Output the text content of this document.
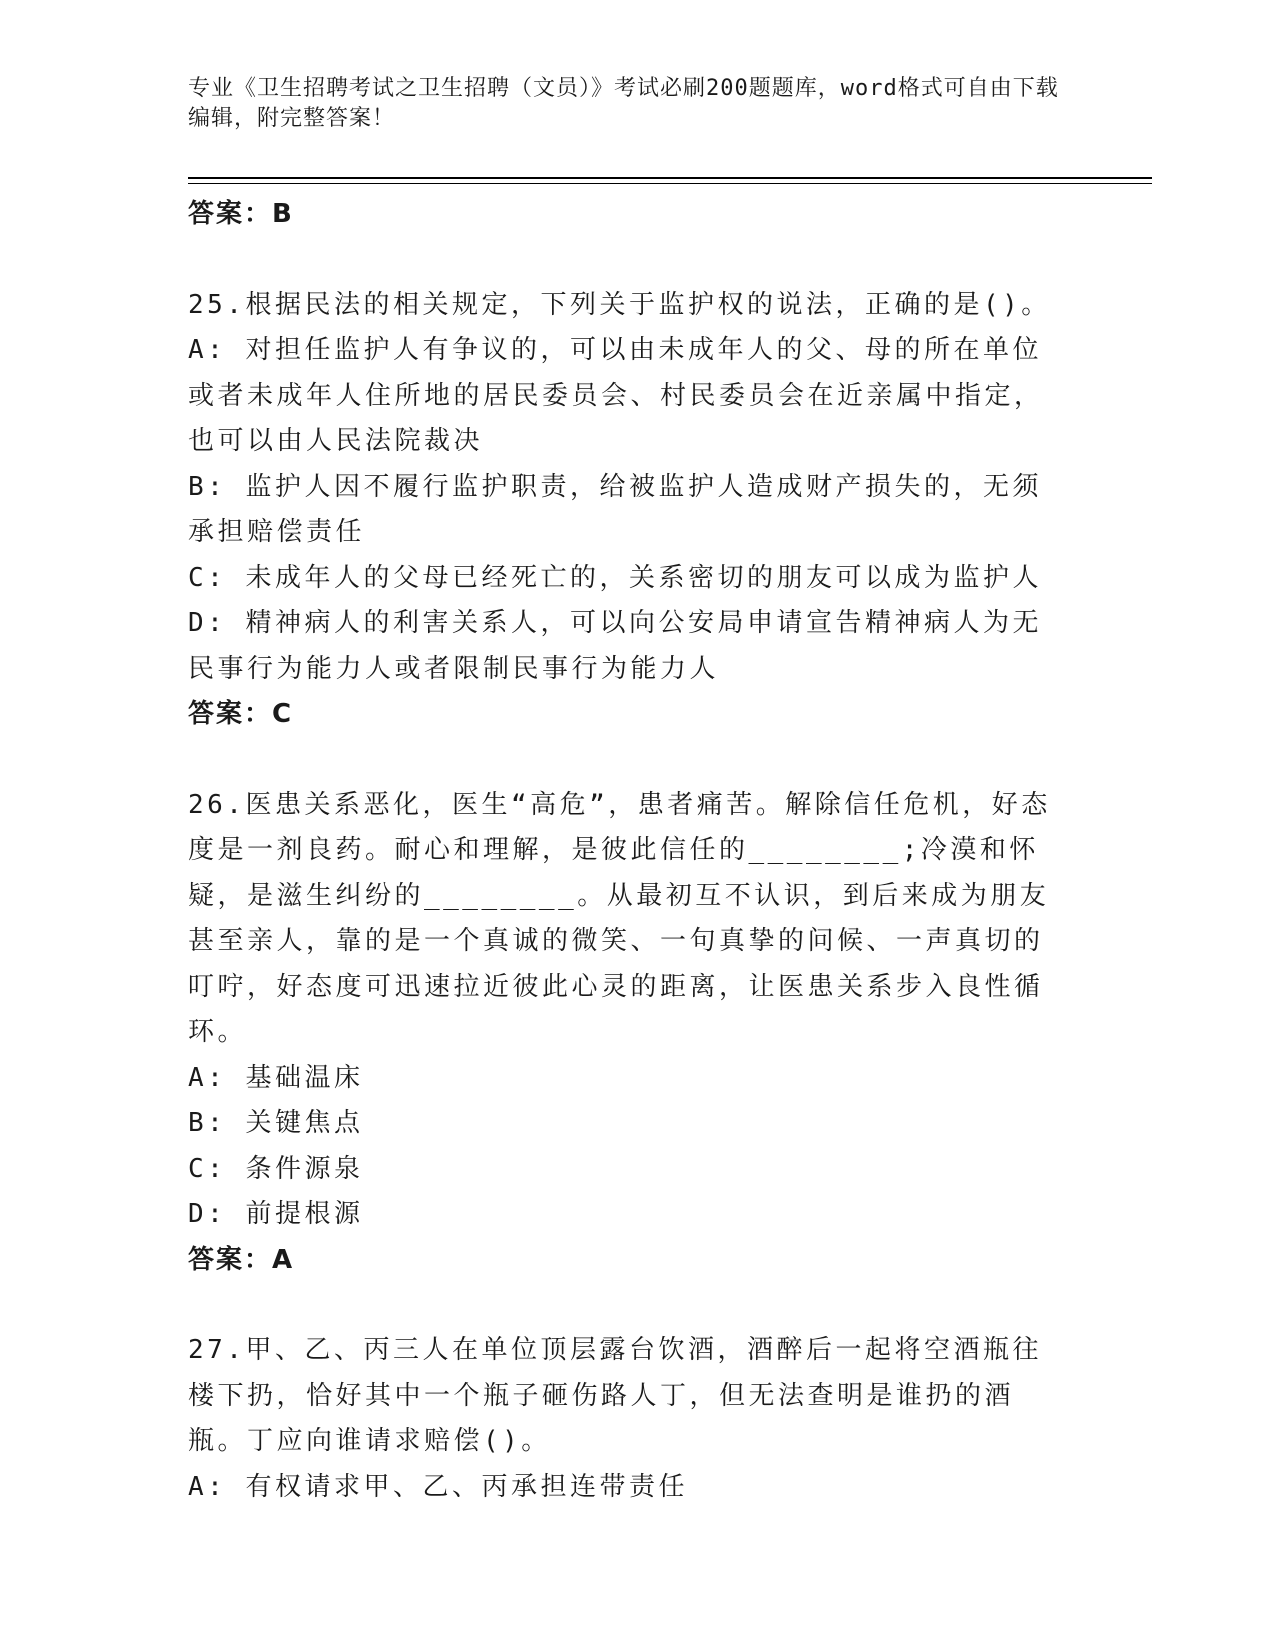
专业《卫生招聘考试之卫生招聘（文员）》考试必刷200题题库，word格式可自由下载编辑，附完整答案！

答案：B

25.根据民法的相关规定，下列关于监护权的说法，正确的是()。

A: 对担任监护人有争议的，可以由未成年人的父、母的所在单位或者未成年人住所地的居民委员会、村民委员会在近亲属中指定，也可以由人民法院裁决

B: 监护人因不履行监护职责，给被监护人造成财产损失的，无须承担赔偿责任

C: 未成年人的父母已经死亡的，关系密切的朋友可以成为监护人

D: 精神病人的利害关系人，可以向公安局申请宣告精神病人为无民事行为能力人或者限制民事行为能力人

答案：C

26.医患关系恶化，医生“高危”，患者痛苦。解除信任危机，好态度是一剂良药。耐心和理解，是彼此信任的________;冷漠和怀疑，是滋生纠纷的________。从最初互不认识，到后来成为朋友甚至亲人，靠的是一个真诚的微笑、一句真挚的问候、一声真切的叮咛，好态度可迅速拉近彼此心灵的距离，让医患关系步入良性循环。

A: 基础温床

B: 关键焦点

C: 条件源泉

D: 前提根源

答案：A

27.甲、乙、丙三人在单位顶层露台饮酒，酒醉后一起将空酒瓶往楼下扔，恰好其中一个瓶子砸伤路人丁，但无法查明是谁扔的酒瓶。丁应向谁请求赔偿()。

A: 有权请求甲、乙、丙承担连带责任
